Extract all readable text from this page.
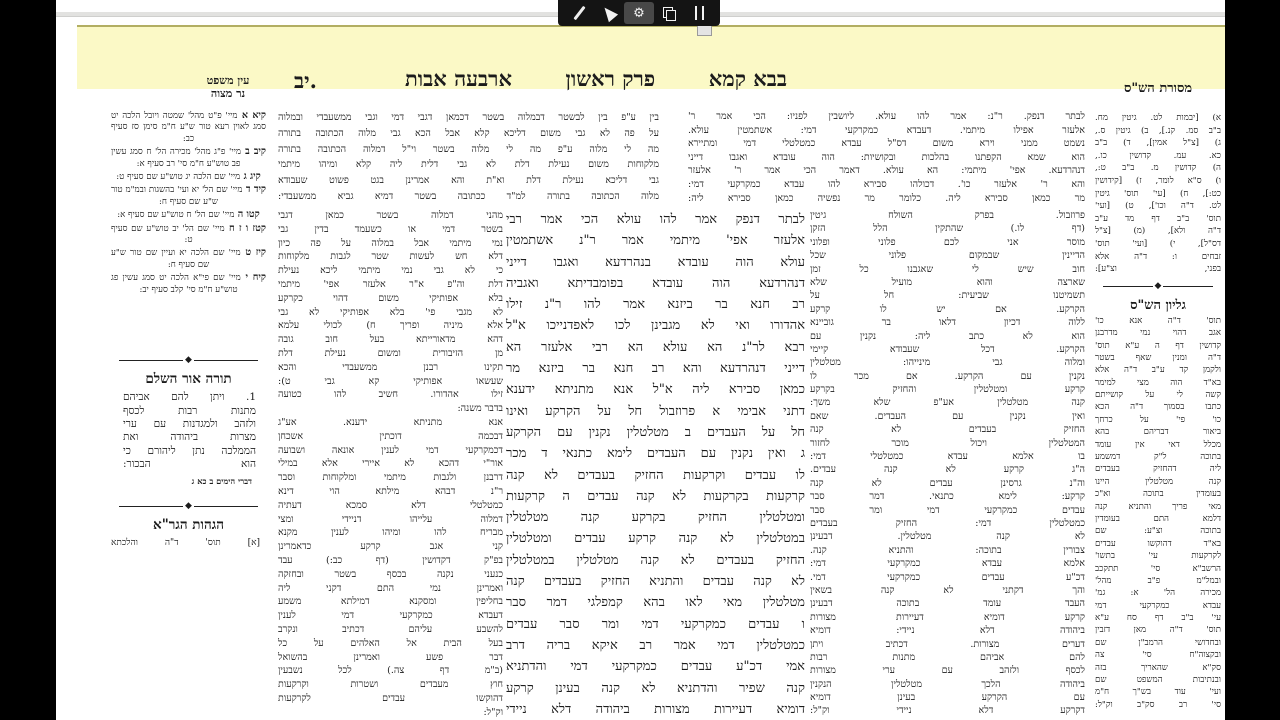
עין משפט
נר מצוה
יב.	ארבעה אבות	פרק ראשון	בבא קמא	מסורת הש"ס
קיא א מיי' פ"ט מהל' שמטה ויובל הלכה יט סמג לאוין רעא טור ש"ע ח"מ סימן סז סעיף כב:
קיב ב מיי' פ"ג מהל' מכירה הל' ח סמג עשין פב טוש"ע ח"מ סי' רב סעיף א:
קיג ג מיי' שם הלכה יג טוש"ע שם סעיף ט:
קיד ד מיי' שם הל' יא ועי' בהשגות ובמ"מ טור ש"ע שם סעיף ח:
קטו ה מיי' שם הל' ח טוש"ע שם סעיף א:
קטז ו ז ח מיי' שם הל' יב טוש"ע שם סעיף ט:
קיז ט מיי' שם הלכה יא ועיין שם טור ש"ע שם סעיף ח:
קיח י מיי' שם פי"א הלכה יט סמג עשין פג טוש"ע ח"מ סי' קלב סעיף יב:
◆
תורה אור השלם
1. ויתן להם אביהם
מתנות רבות לכסף
ולזהב ולמגדנות עם ערי
מצרות ביהודה ואת
הממלכה נתן ליהורם כי
הוא הבכור:
דברי הימים ב כא ג
◆
הגהות הגר"א
[א] תוס' ד"ה והלכתא
בין ע"פ בין לבשטר דבמלוה בשטר דכמאן דגבי דמי וגבי ממשעבדי ובמלוה
על פה לא גבי משום דליכא קלא אבל הכא גבי מלוה הכתובה בתורה
מה לי מלוה ע"פ מה לי מלוה בשטר וי"ל דמלוה הכתובה בתורה
מלקוחות משום נעילת דלת לא גבי דלית ליה קלא ומיהו מיתמי
גבי דליכא נעילת דלת וא"ת והא אמרינן בגט פשוט שעבודא
מלוה הכתובה בתורה למ"ד ככתובה בשטר דמיא גביא ממשעבדי:
מהני דמלוה בשטר כמאן דגבי
בשטר דמי או כשעמד בדין גבי
נמי מיתמי אבל במלוה על פה כיון
דלא חש לעשות שטר לגבות מלקוחות
כי לא גבי נמי מיתמי ליכא נעילת
דלת וה"פ א"ר אלעזר אפי' מיתמי
בלא אפותיקי משום דהוי כקרקע
לא מגבי פי' בלא אפותיקי לא גבי
אלא מיניה ופריך ח) לכולי עלמא
דהא מדאורייתא בעל חוב גובה
מן הזיבורית ומשום נעילת דלת
תקינו רבנן ממשעבדי והכא
שעשאו אפותיקי קא גבי ט):
זילו אהדורו. חשיב להו כטועה
בדבר משנה:
אנא מתניתא ידענא. אע"ג
דבכמה דוכתין אשכחן
דכמקרקעי דמי לענין אונאה ושבועה
אור"י דהכא לא איירי אלא במילי
דרבנן ולגבות מיתמי ומלקוחות וסבר
ר"נ דבהא מילתא הוי דינא
כמטלטלי דלא סמכא דעתיה
דמלוה עלייהו דניידי ומצי
מבריח להו ומיהו לענין מקנא
קני אגב קרקע כדאמרינן
בפ"ק דקדושין (דף כב:) עבד
כנעני נקנה בכסף בשטר ובחזקה
ואמרינן נמי התם דקני ליה
בחליפין ומסקנא דמילתא משמע
דעבדא כמקרקעי דמי לענין
להשבע עליהם דכתיב ונקרב
בעל הבית אל האלהים על כל
דבר פשע ואמרינן בהשואל
(ב"מ דף צה.) לכל נשבעין
חוץ מעבדים ושטרות וקרקעות
דהוקשו עבדים לקרקעות
וק"ל:
לבתר דנפק אמר להו עולא הכי אמר רבי
אלעזר אפי' מיתמי אמר ר"נ אשתמטין
עולא הוה עובדא בנהרדעא ואגבו דייני
דנהרדעא הוה עובדא בפומבדיתא ואגביה
רב חנא בר ביזנא אמר להו ר"נ זילו
אהדורו ואי לא מגבינן לכו לאפדנייכו א"ל
רבא לר"נ הא עולא הא רבי אלעזר הא
דייני דנהרדעא והא רב חנא בר ביזנא מר
כמאן סבירא ליה א"ל אנא מתניתא ידענא
דתני אבימי א פרוזבול חל על הקרקע ואינו
חל על העבדים ב מטלטלין נקנין עם הקרקע
ג ואין נקנין עם העבדים לימא כתנאי ד מכר
לו עבדים וקרקעות החזיק בעבדים לא קנה
קרקעות בקרקעות לא קנה עבדים ה קרקעות
ומטלטלין החזיק בקרקע קנה מטלטלין
במטלטלין לא קנה קרקע עבדים ומטלטלין
החזיק בעבדים לא קנה מטלטלין במטלטלין
לא קנה עבדים והתניא החזיק בעבדים קנה
מטלטלין מאי לאו בהא קמפלגי דמר סבר
ו עבדים כמקרקעי דמי ומר סבר עבדים
כמטלטלין דמי אמר רב איקא בריה דרב
אמי דכ"ע עבדים כמקרקעי דמי והדתניא
קנה שפיר והדתניא לא קנה בעינן קרקע
דומיא דעיירות מצורות ביהודה דלא ניידי
לבתר דנפק. ר"נ: אמר להו עולא. ליושבין לפניו: הכי אמר ר'
אלעזר אפילו מיתמי. דעבדא כמקרקעי דמי: אשתמטין עולא.
נשמט ממני וירא משום דס"ל עבדא כמטלטלי דמי ומתיירא
הוא שמא הקפתנו בהלכות ובקושיות: הוה עובדא ואגבו דייני
דנהרדעא. אפי' מיתמי: הא עולא. דאמר הכי אמר ר' אלעזר
והא ר' אלעזר כו'. דכולהו סבירא להו עבדא כמקרקעי דמי:
מר כמאן סבירא ליה. כלומר מר נפשיה כמאן סבירא ליה:
פרוזבול. בפרק השולח גיטין
(דף לו.) שהתקין הלל הזקן
מוסר אני לכם פלוני ופלוני
הדיינין שבמקום פלוני שכל
חוב שיש לי שאגבנו כל זמן
שארצה והוא מועיל שלא
תשמיטנו שביעית: חל על
הקרקע. אם יש לו קרקע
ללוה דכיון דלאו בר גוביינא
הוא לא כתב ליה: נקנין עם
הקרקע. דכל שעבודא קיימי
ומלוה גבי מינייהו: מטלטלין
נקנין עם הקרקע. אם מכר לו
קרקע ומטלטלין והחזיק בקרקע
קנה מטלטלין אע"פ שלא משך:
ואין נקנין עם העבדים. שאם
החזיק בעבדים לא קנה
המטלטלין ויכול מוכר לחזור
בו אלמא עבדא כמטלטלי דמי:
ה"ג קרקע לא קנה עבדים.
וה"נ גרסינן עבדים לא קנה
קרקע: לימא כתנאי. דמר סבר
עבדים כמקרקעי דמי ומר סבר
כמטלטלין דמי: החזיק בעבדים
לא קנה מטלטלין. דבעינן
צבורין בתוכה: והתניא קנה.
אלמא עבדא כמקרקעי דמי:
דכ"ע עבדים כמקרקעי דמי.
והך דקתני לא קנה בשאין
העבד עומד בתוכה דבעינן
קרקע דומיא דעיירות מצורות
ביהודה דלא ניידי: דומיא
דערים מצורות. דכתיב ויתן
להם אביהם מתנות רבות
לכסף ולזהב עם ערי מצורות
ביהודה הלכך מטלטלין הנקנין
עם הקרקע בעינן דומיא
דקרקע דלא ניידי וק"ל:
א) [יבמות לט. גיטין מח.
ב"ב סמ. קנ.], ב) גיטין ס.,
ג) [צ"ל אמין], ד) ב"ב
כא. עמ. קדושין כו.,
ה) קדושין מ. ב"ב ט:,
ו) ס"א לומר, ז) [קידושין
כט:], ח) [עי' תוס' גיטין
לט. ד"ה וכו'], ט) [ועי'
תוס' ב"ב דף מד ע"ב
ד"ה ולא], (מ) [צ"ל
דס"ל], י) [ועי' תוס'
זבחים ו: ד"ה אלא
בפני, וצ"ע]:
◆
גליון הש"ס
תוס' ד"ה אנא כו'
אגב דהוי נמי מדרבנן
קדושין דף ה ע"א תוס'
ד"ה ומנין שאף בשטר
ולקמן קד ע"ב ד"ה אלא
בא"ד הוה מצי למימר
קשה לי על קושייתם
כתבו בסמוך ד"ה הכא
כו' פי' על כרחך
ביאור דבריהם בהא
מכלל דאי אין עומד
בתוכה ל"ק דמשמע
ליה דהחזיק בעבדים
קנה מטלטלין היינו
בעומדין בתוכה וא"כ
מאי פריך והתניא קנה
דלמא התם בעומדין
בתוכה וצ"ע: שם
בא"ד דהוקשו עבדים
לקרקעות עי' בתשו'
הרשב"א סי' תתקכב
ובמל"מ פ"ב מהל'
מכירה הל' א: גמ'
עבדא כמקרקעי דמי
עי' ב"ב דף סח ע"א
תוס' ד"ה מאן דזבין
ובחדושי הרמב"ן שם
ובקצוה"ח סי' צה
סק"א שהאריך בזה
ובנתיבות המשפט שם
ועי' עוד בש"ך ח"מ
סי' רב סק"ב וק"ל:
⚙
